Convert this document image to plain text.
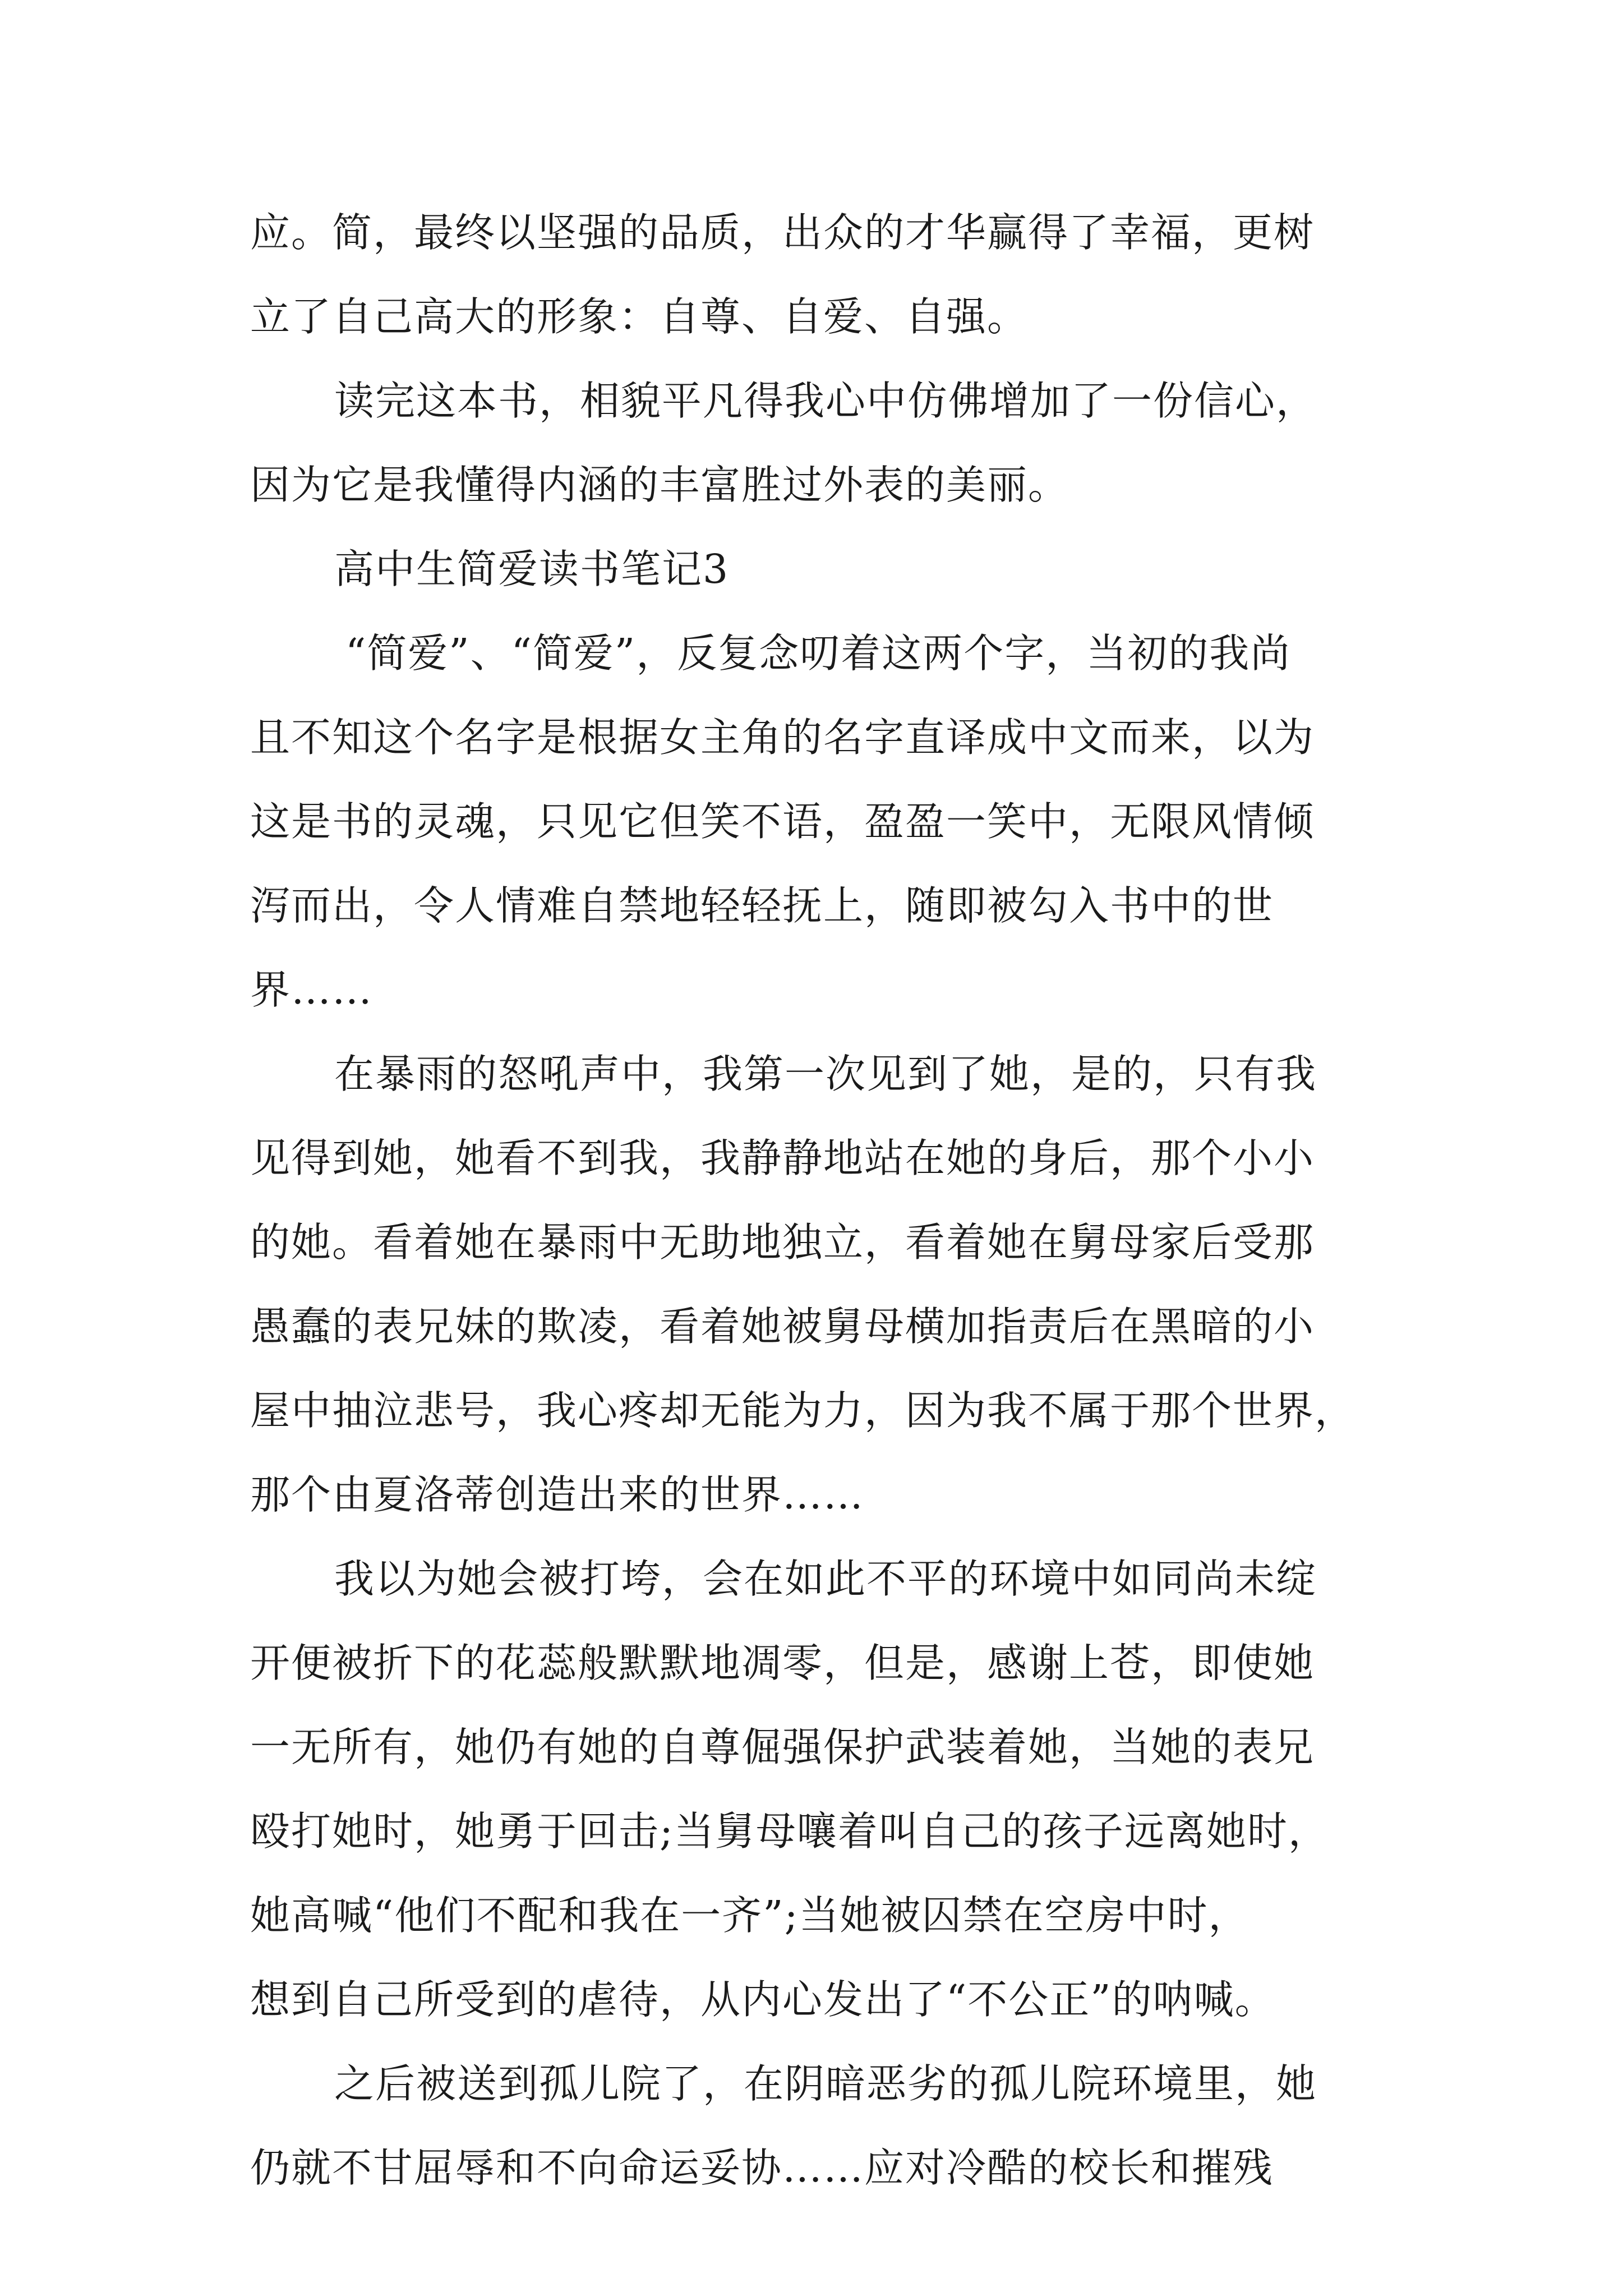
应。简，最终以坚强的品质，出众的才华赢得了幸福，更树
立了自己高大的形象：自尊、自爱、自强。
读完这本书，相貌平凡得我心中仿佛增加了一份信心，
因为它是我懂得内涵的丰富胜过外表的美丽。
高中生简爱读书笔记3
“简爱”、“简爱”，反复念叨着这两个字，当初的我尚
且不知这个名字是根据女主角的名字直译成中文而来，以为
这是书的灵魂，只见它但笑不语，盈盈一笑中，无限风情倾
泻而出，令人情难自禁地轻轻抚上，随即被勾入书中的世
界……
在暴雨的怒吼声中，我第一次见到了她，是的，只有我
见得到她，她看不到我，我静静地站在她的身后，那个小小
的她。看着她在暴雨中无助地独立，看着她在舅母家后受那
愚蠢的表兄妹的欺凌，看着她被舅母横加指责后在黑暗的小
屋中抽泣悲号，我心疼却无能为力，因为我不属于那个世界，
那个由夏洛蒂创造出来的世界……
我以为她会被打垮，会在如此不平的环境中如同尚未绽
开便被折下的花蕊般默默地凋零，但是，感谢上苍，即使她
一无所有，她仍有她的自尊倔强保护武装着她，当她的表兄
殴打她时，她勇于回击;当舅母嚷着叫自己的孩子远离她时，
她高喊“他们不配和我在一齐”;当她被囚禁在空房中时，
想到自己所受到的虐待，从内心发出了“不公正”的呐喊。
之后被送到孤儿院了，在阴暗恶劣的孤儿院环境里，她
仍就不甘屈辱和不向命运妥协……应对冷酷的校长和摧残
